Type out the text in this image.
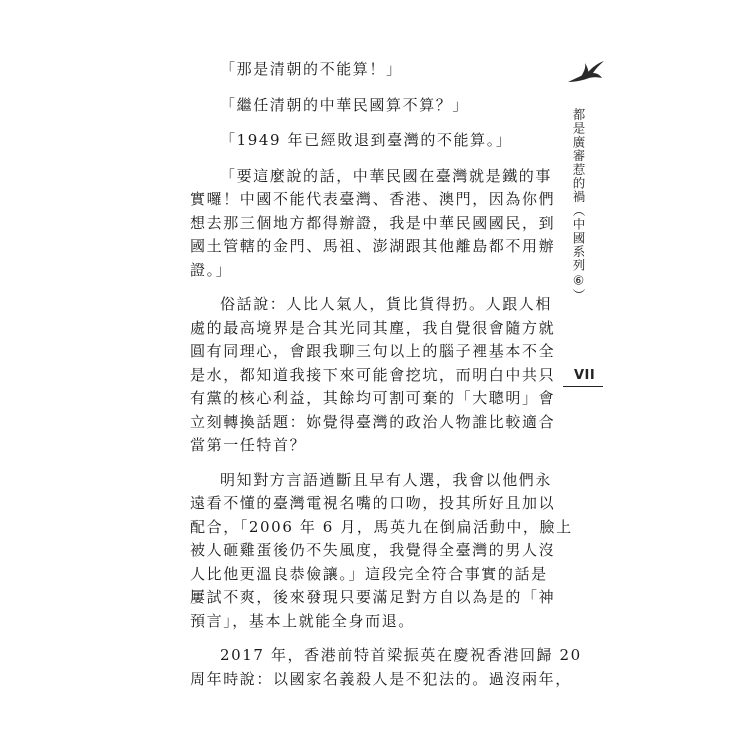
「那是清朝的不能算！」

「繼任清朝的中華民國算不算？」

「1949 年已經敗退到臺灣的不能算。」

「要這麼說的話，中華民國在臺灣就是鐵的事
實囉！中國不能代表臺灣、香港、澳門，因為你們
想去那三個地方都得辦證，我是中華民國國民，到
國土管轄的金門、馬祖、澎湖跟其他離島都不用辦
證。」

俗話說：人比人氣人，貨比貨得扔。人跟人相
處的最高境界是合其光同其塵，我自覺很會隨方就
圓有同理心，會跟我聊三句以上的腦子裡基本不全
是水，都知道我接下來可能會挖坑，而明白中共只
有黨的核心利益，其餘均可割可棄的「大聰明」會
立刻轉換話題：妳覺得臺灣的政治人物誰比較適合
當第一任特首？

明知對方言語遒斷且早有人選，我會以他們永
遠看不懂的臺灣電視名嘴的口吻，投其所好且加以
配合，「2006 年 6 月，馬英九在倒扁活動中，臉上
被人砸雞蛋後仍不失風度，我覺得全臺灣的男人沒
人比他更溫良恭儉讓。」這段完全符合事實的話是
屢試不爽，後來發現只要滿足對方自以為是的「神
預言」，基本上就能全身而退。

2017 年，香港前特首梁振英在慶祝香港回歸 20
周年時說：以國家名義殺人是不犯法的。過沒兩年，

都是廣審惹的禍（中國系列⑥）
VII
